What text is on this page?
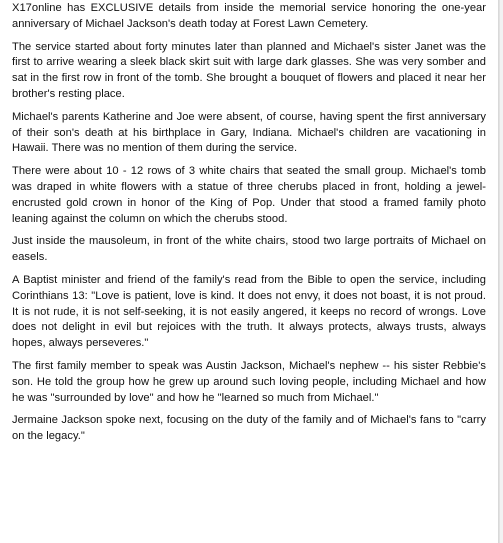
X17online has EXCLUSIVE details from inside the memorial service honoring the one-year anniversary of Michael Jackson's death today at Forest Lawn Cemetery.

The service started about forty minutes later than planned and Michael's sister Janet was the first to arrive wearing a sleek black skirt suit with large dark glasses. She was very somber and sat in the first row in front of the tomb. She brought a bouquet of flowers and placed it near her brother's resting place.

Michael's parents Katherine and Joe were absent, of course, having spent the first anniversary of their son's death at his birthplace in Gary, Indiana. Michael's children are vacationing in Hawaii. There was no mention of them during the service.

There were about 10 - 12 rows of 3 white chairs that seated the small group. Michael's tomb was draped in white flowers with a statue of three cherubs placed in front, holding a jewel-encrusted gold crown in honor of the King of Pop. Under that stood a framed family photo leaning against the column on which the cherubs stood.

Just inside the mausoleum, in front of the white chairs, stood two large portraits of Michael on easels.

A Baptist minister and friend of the family's read from the Bible to open the service, including Corinthians 13: "Love is patient, love is kind. It does not envy, it does not boast, it is not proud. It is not rude, it is not self-seeking, it is not easily angered, it keeps no record of wrongs. Love does not delight in evil but rejoices with the truth. It always protects, always trusts, always hopes, always perseveres."

The first family member to speak was Austin Jackson, Michael's nephew -- his sister Rebbie's son. He told the group how he grew up around such loving people, including Michael and how he was "surrounded by love" and how he "learned so much from Michael."

Jermaine Jackson spoke next, focusing on the duty of the family and of Michael's fans to "carry on the legacy."
